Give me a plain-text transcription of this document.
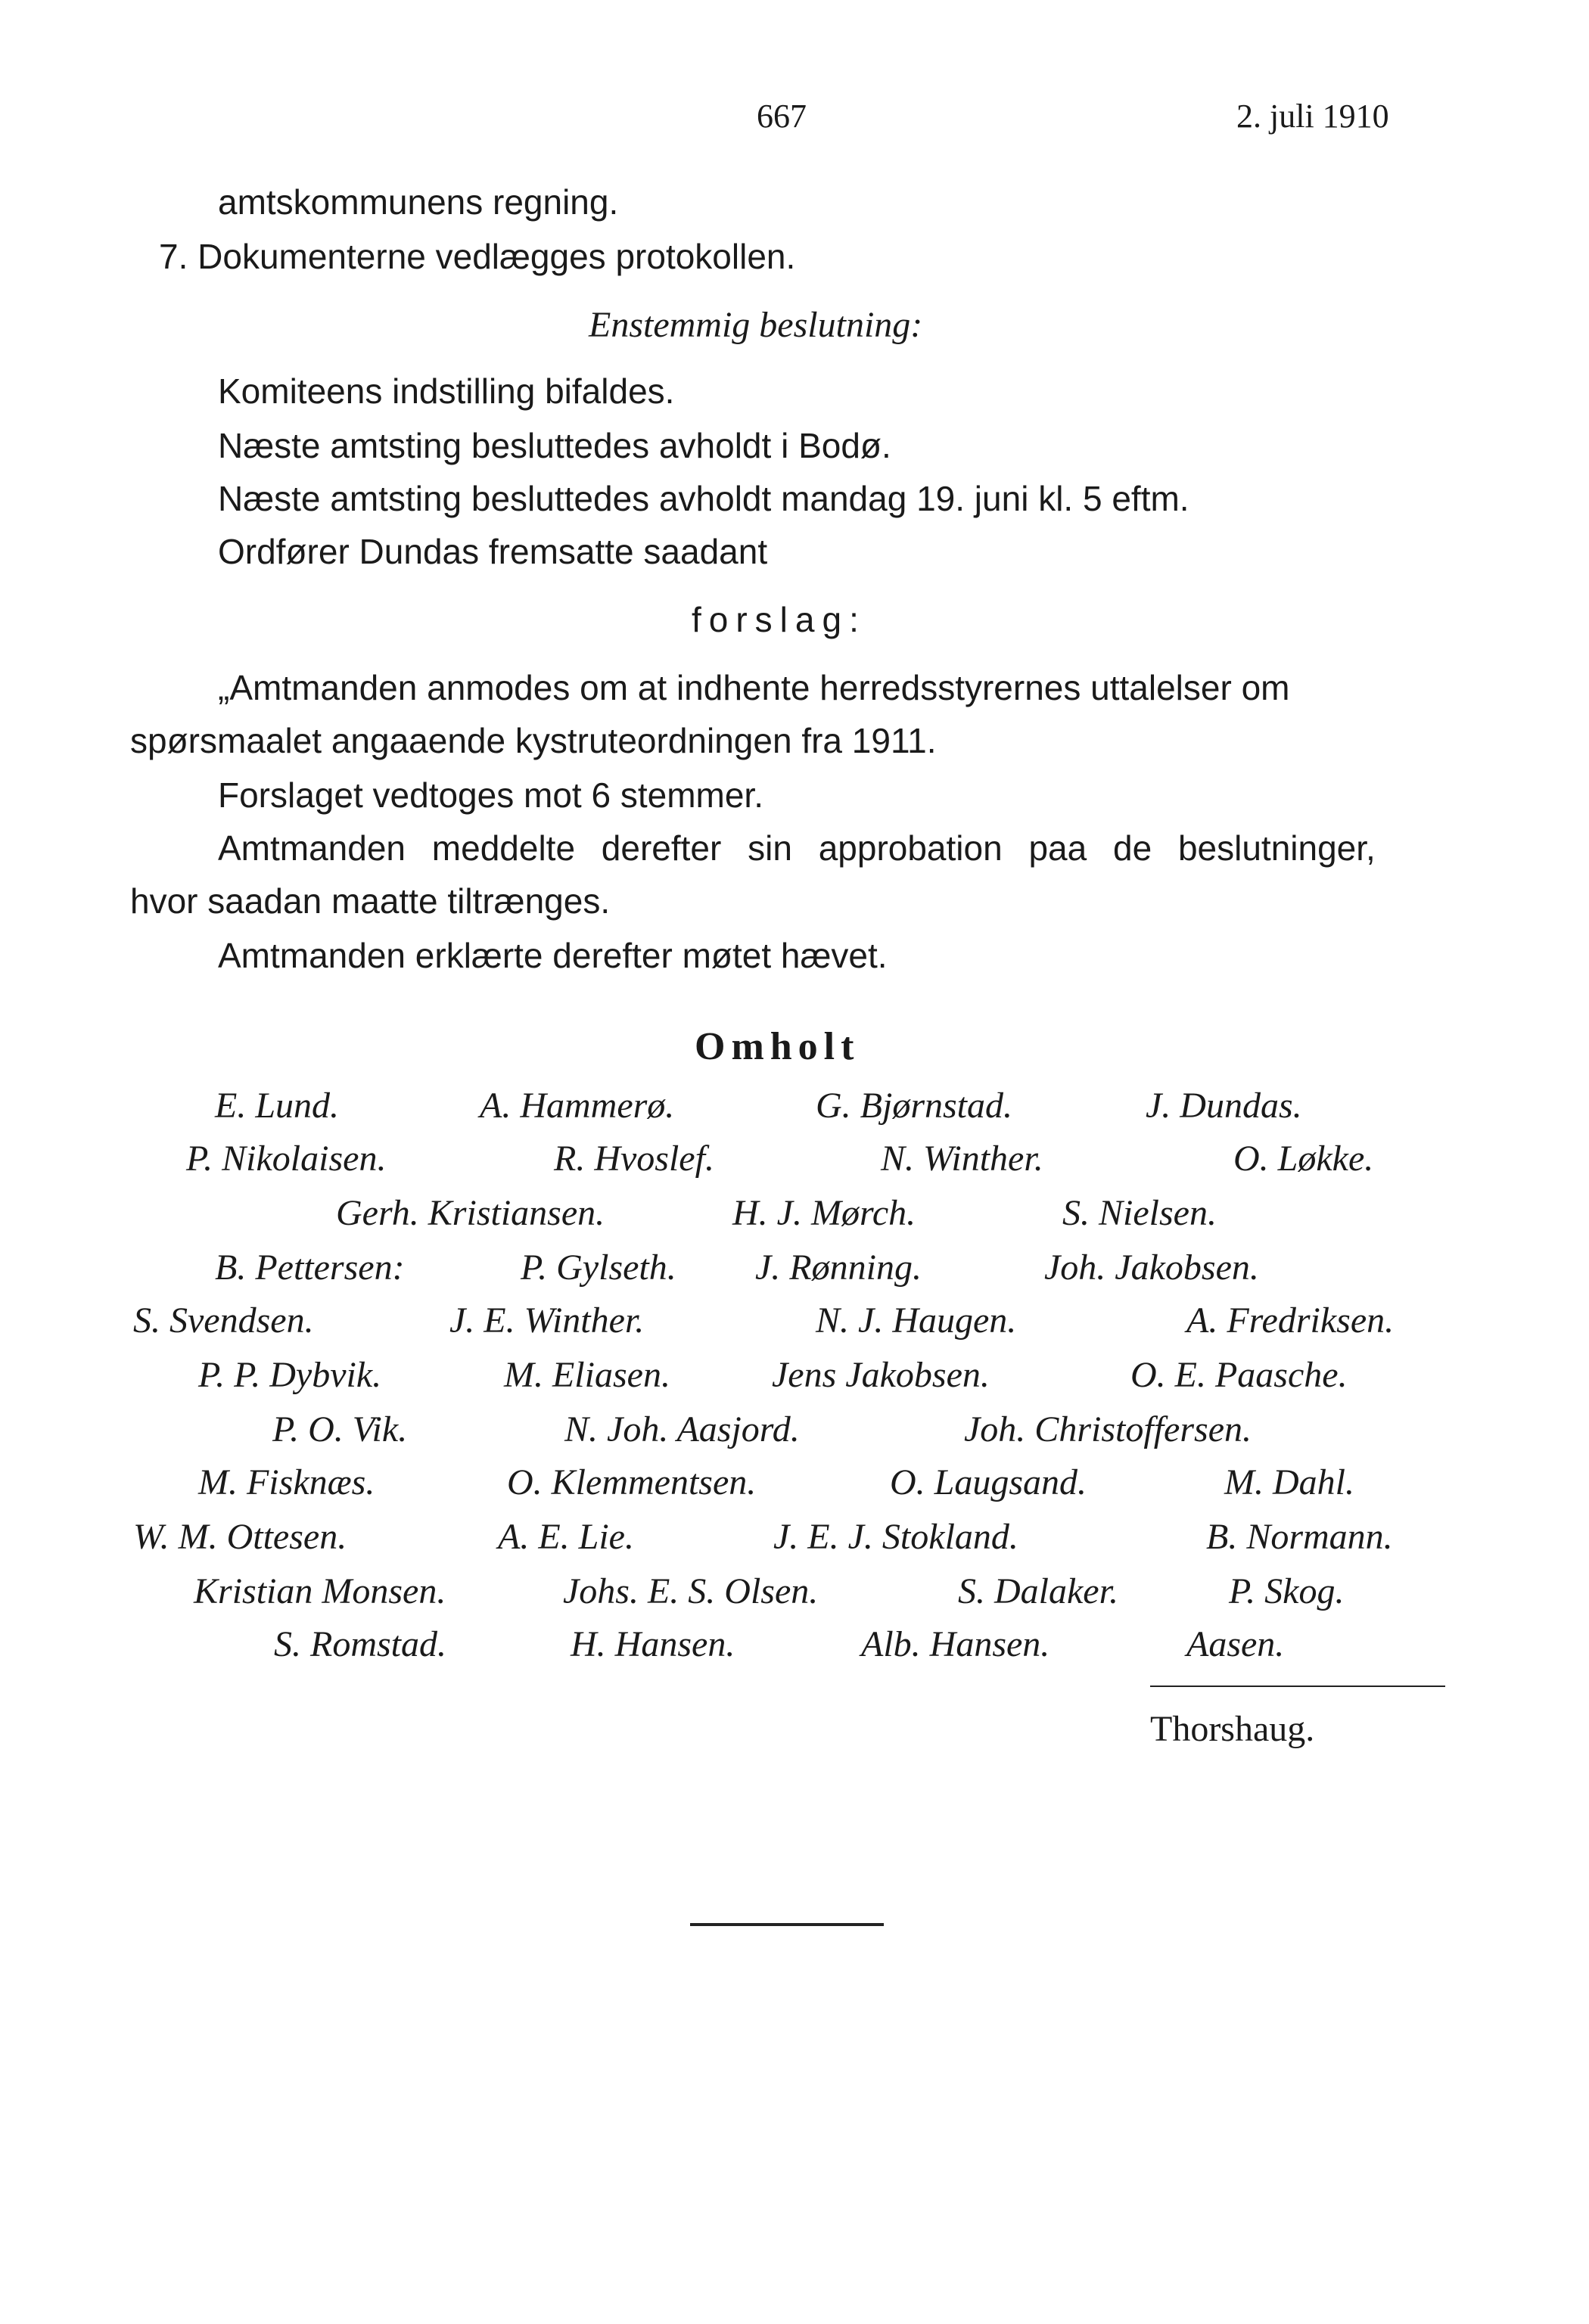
667	2. juli 1910
amtskommunens regning.
7. Dokumenterne vedlægges protokollen.
Enstemmig beslutning:
Komiteens indstilling bifaldes.
Næste amtsting besluttedes avholdt i Bodø.
Næste amtsting besluttedes avholdt mandag 19. juni kl. 5 eftm.
Ordfører Dundas fremsatte saadant
forslag:
„Amtmanden anmodes om at indhente herredsstyrernes uttalelser om
spørsmaalet angaaende kystruteordningen fra 1911.
Forslaget vedtoges mot 6 stemmer.
Amtmanden meddelte derefter sin approbation paa de beslutninger,
hvor saadan maatte tiltrænges.
Amtmanden erklærte derefter møtet hævet.
Omholt
E. Lund.	A. Hammerø.	G. Bjørnstad.	J. Dundas.
P. Nikolaisen.	R. Hvoslef.	N. Winther.	O. Løkke.
Gerh. Kristiansen.	H. J. Mørch.	S. Nielsen.
B. Pettersen:	P. Gylseth. J. Rønning.	Joh. Jakobsen.
S. Svendsen.	J. E. Winther.	N. J. Haugen.	A. Fredriksen.
P. P. Dybvik.	M. Eliasen.	Jens Jakobsen.	O. E. Paasche.
P. O. Vik.	N. Joh. Aasjord.	Joh. Christoffersen.
M. Fisknæs.	O. Klemmentsen.	O. Laugsand.	M. Dahl.
W. M. Ottesen.	A. E. Lie.	J. E. J. Stokland.	B. Normann.
Kristian Monsen.	Johs. E. S. Olsen.	S. Dalaker.	P. Skog.
S. Romstad.	H. Hansen.	Alb. Hansen.	Aasen.
Thorshaug.
